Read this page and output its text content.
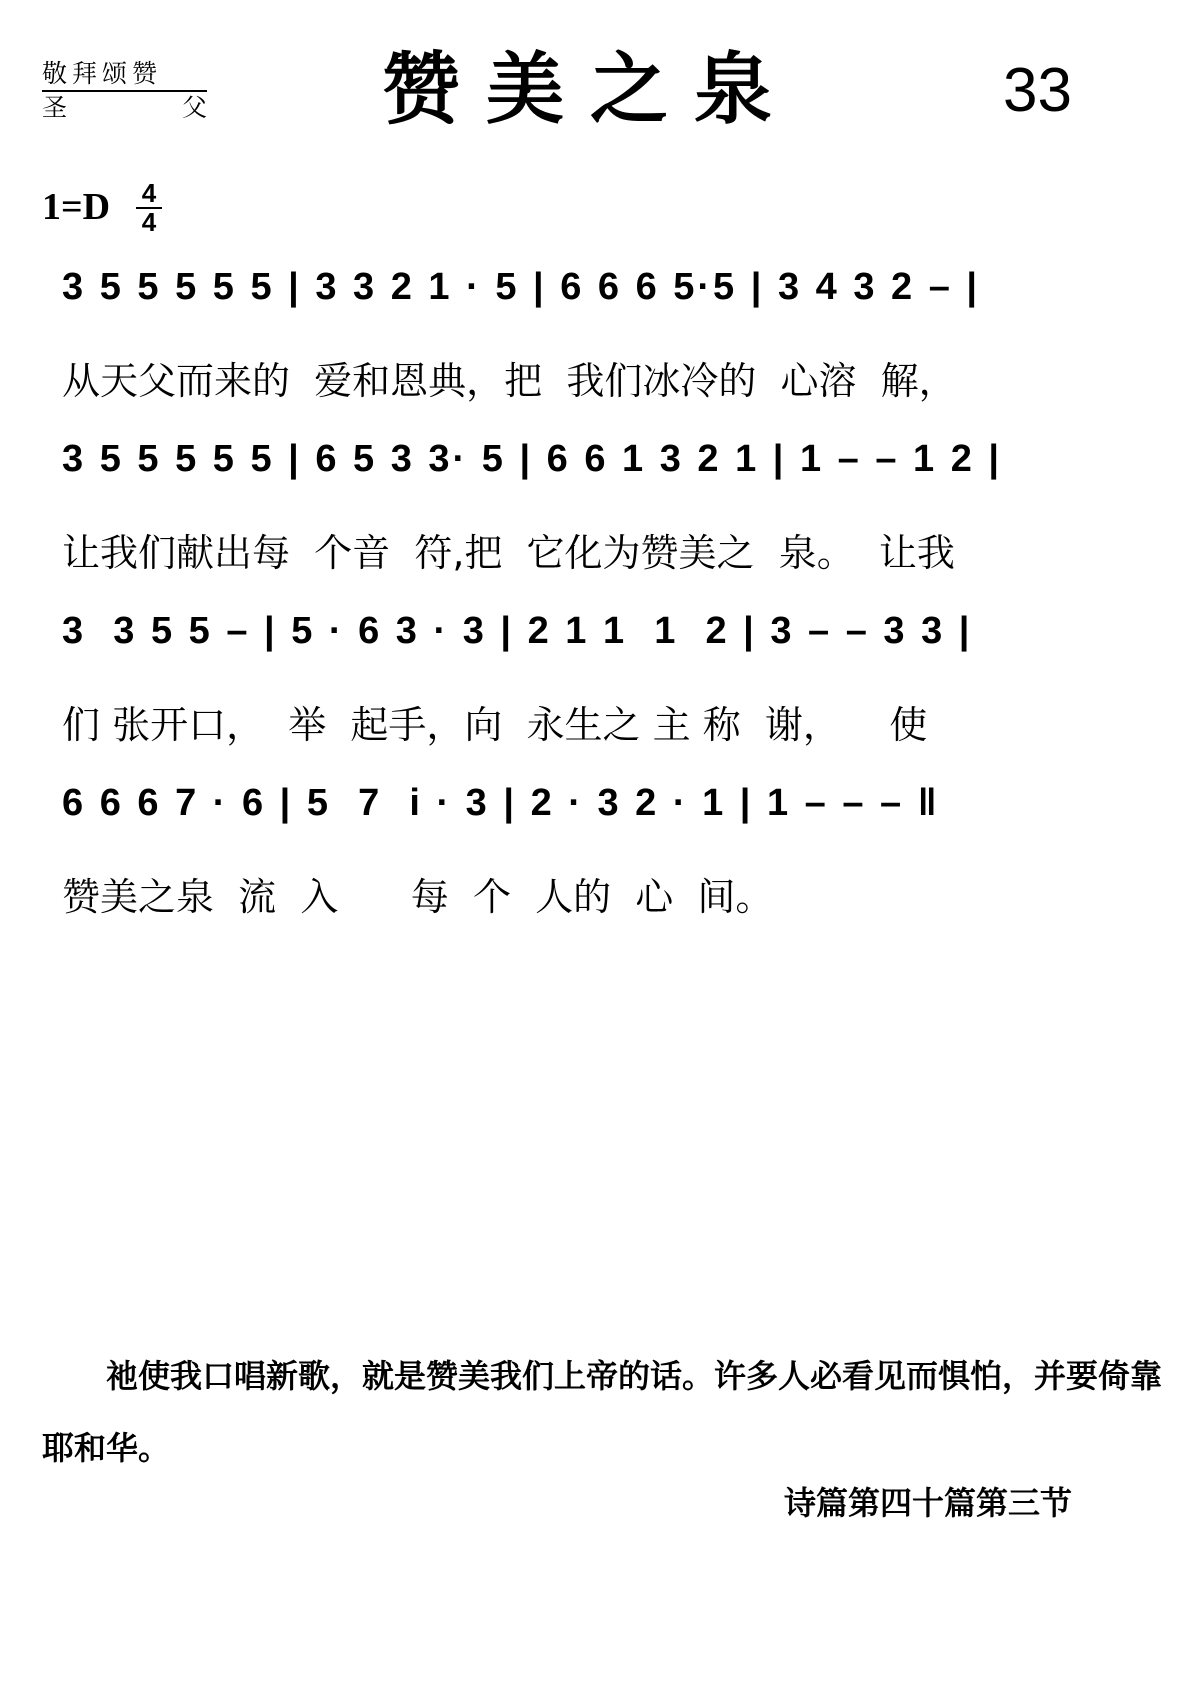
敬拜颂赞
圣	父	赞美之泉	33
1=D 4
4
3 5 5 5 5 5 | 3 3 2 1 · 5 | 6 6 6 5·5 | 3 4 3 2 – |
从天父而来的  爱和恩典，把  我们冰冷的  心溶  解，
3 5 5 5 5 5 | 6 5 3 3· 5 | 6 6 1 3 2 1 | 1 – – 1 2 |
让我们献出每  个音  符,把  它化为赞美之  泉。  让我
3  3 5 5 – | 5 · 6 3 · 3 | 2 1 1  1  2 | 3 – – 3 3 |
们 张开口，  举  起手，向  永生之 主 称  谢，    使
6 6 6 7 · 6 | 5  7  i · 3 | 2 · 3 2 · 1 | 1 – – – ‖
赞美之泉  流  入      每  个  人的  心  间。
祂使我口唱新歌，就是赞美我们上帝的话。许多人必看见而惧怕，并要倚靠耶和华。
诗篇第四十篇第三节
